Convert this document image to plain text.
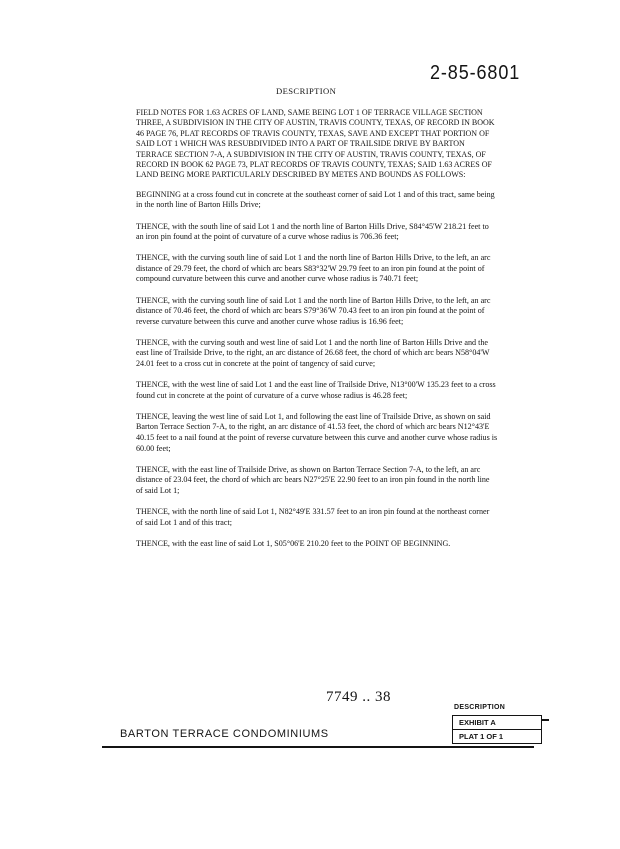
2-85-6801
DESCRIPTION

FIELD NOTES FOR 1.63 ACRES OF LAND, SAME BEING LOT 1 OF TERRACE VILLAGE SECTION THREE, A SUBDIVISION IN THE CITY OF AUSTIN, TRAVIS COUNTY, TEXAS, OF RECORD IN BOOK 46 PAGE 76, PLAT RECORDS OF TRAVIS COUNTY, TEXAS, SAVE AND EXCEPT THAT PORTION OF SAID LOT 1 WHICH WAS RESUBDIVIDED INTO A PART OF TRAILSIDE DRIVE BY BARTON TERRACE SECTION 7-A, A SUBDIVISION IN THE CITY OF AUSTIN, TRAVIS COUNTY, TEXAS, OF RECORD IN BOOK 62 PAGE 73, PLAT RECORDS OF TRAVIS COUNTY, TEXAS; SAID 1.63 ACRES OF LAND BEING MORE PARTICULARLY DESCRIBED BY METES AND BOUNDS AS FOLLOWS:

BEGINNING at a cross found cut in concrete at the southeast corner of said Lot 1 and of this tract, same being in the north line of Barton Hills Drive;

THENCE, with the south line of said Lot 1 and the north line of Barton Hills Drive, S84°45'W 218.21 feet to an iron pin found at the point of curvature of a curve whose radius is 706.36 feet;

THENCE, with the curving south line of said Lot 1 and the north line of Barton Hills Drive, to the left, an arc distance of 29.79 feet, the chord of which arc bears S83°32'W 29.79 feet to an iron pin found at the point of compound curvature between this curve and another curve whose radius is 740.71 feet;

THENCE, with the curving south line of said Lot 1 and the north line of Barton Hills Drive, to the left, an arc distance of 70.46 feet, the chord of which arc bears S79°36'W 70.43 feet to an iron pin found at the point of reverse curvature between this curve and another curve whose radius is 16.96 feet;

THENCE, with the curving south and west line of said Lot 1 and the north line of Barton Hills Drive and the east line of Trailside Drive, to the right, an arc distance of 26.68 feet, the chord of which arc bears N58°04'W 24.01 feet to a cross cut in concrete at the point of tangency of said curve;

THENCE, with the west line of said Lot 1 and the east line of Trailside Drive, N13°00'W 135.23 feet to a cross found cut in concrete at the point of curvature of a curve whose radius is 46.28 feet;

THENCE, leaving the west line of said Lot 1, and following the east line of Trailside Drive, as shown on said Barton Terrace Section 7-A, to the right, an arc distance of 41.53 feet, the chord of which arc bears N12°43'E 40.15 feet to a nail found at the point of reverse curvature between this curve and another curve whose radius is 60.00 feet;

THENCE, with the east line of Trailside Drive, as shown on Barton Terrace Section 7-A, to the left, an arc distance of 23.04 feet, the chord of which arc bears N27°25'E 22.90 feet to an iron pin found in the north line of said Lot 1;

THENCE, with the north line of said Lot 1, N82°49'E 331.57 feet to an iron pin found at the northeast corner of said Lot 1 and of this tract;

THENCE, with the east line of said Lot 1, S05°06'E 210.20 feet to the POINT OF BEGINNING.

7749 .. 38
BARTON TERRACE CONDOMINIUMS
DESCRIPTION
EXHIBIT A
PLAT 1 OF 1
